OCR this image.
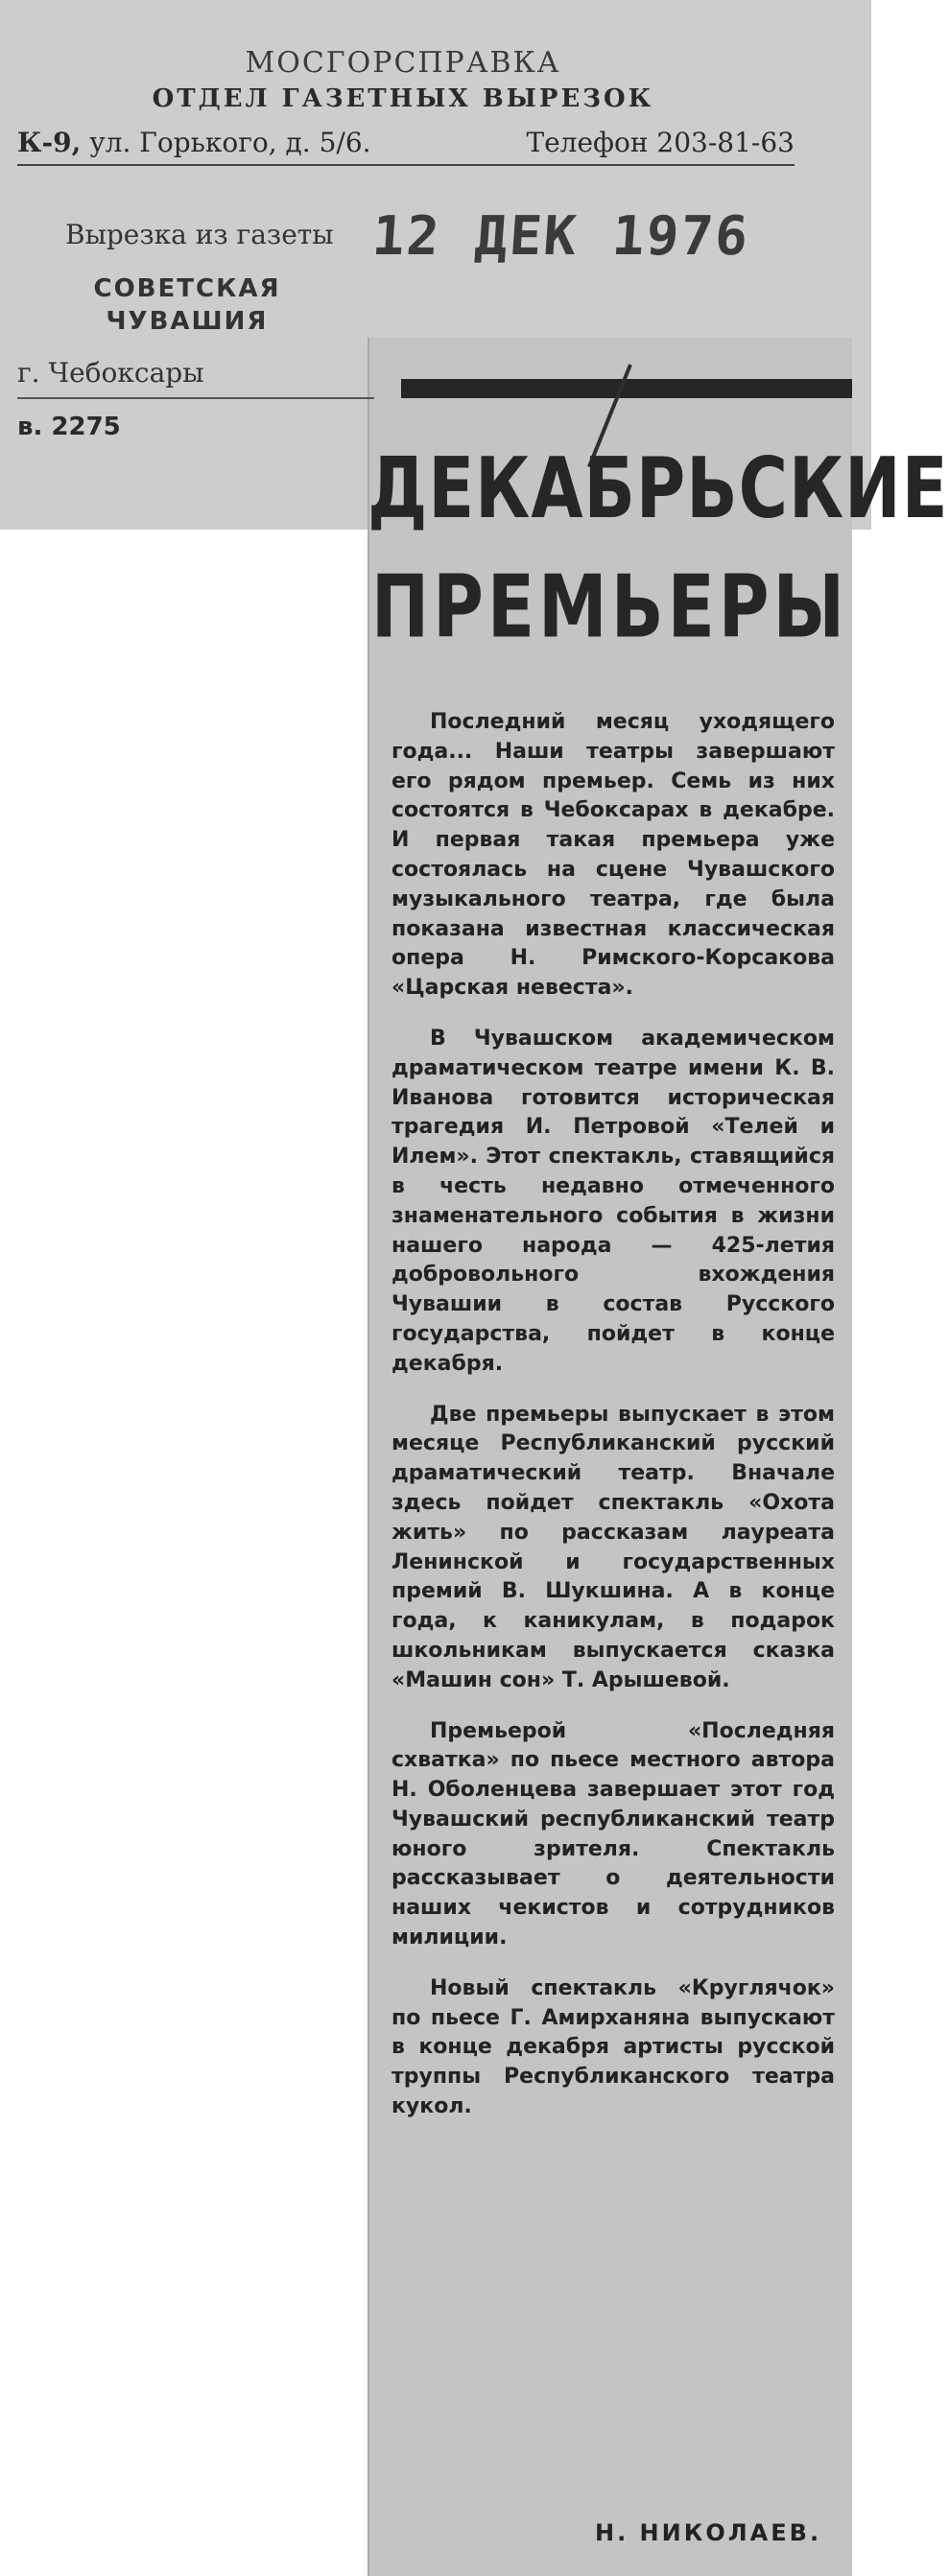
МОСГОРСПРАВКА
ОТДЕЛ ГАЗЕТНЫХ ВЫРЕЗОК
К-9, ул. Горького, д. 5/6.	Телефон 203-81-63
Вырезка из газеты 12 ДЕК 1976
СОВЕТСКАЯ
ЧУВАШИЯ
г. Чебоксары
в. 2275
ДЕКАБРЬСКИЕ
ПРЕМЬЕРЫ

Последний месяц уходящего года... Наши театры завершают его рядом премьер. Семь из них состоятся в Чебоксарах в декабре. И первая такая премьера уже состоялась на сцене Чувашского музыкального театра, где была показана известная классическая опера Н. Римского-Корсакова «Царская невеста».

В Чувашском академическом драматическом театре имени К. В. Иванова готовится историческая трагедия И. Петровой «Телей и Илем». Этот спектакль, ставящийся в честь недавно отмеченного знаменательного события в жизни нашего народа — 425-летия добровольного вхождения Чувашии в состав Русского государства, пойдет в конце декабря.

Две премьеры выпускает в этом месяце Республиканский русский драматический театр. Вначале здесь пойдет спектакль «Охота жить» по рассказам лауреата Ленинской и государственных премий В. Шукшина. А в конце года, к каникулам, в подарок школьникам выпускается сказка «Машин сон» Т. Арышевой.

Премьерой «Последняя схватка» по пьесе местного автора Н. Оболенцева завершает этот год Чувашский республиканский театр юного зрителя. Спектакль рассказывает о деятельности наших чекистов и сотрудников милиции.

Новый спектакль «Круглячок» по пьесе Г. Амирханяна выпускают в конце декабря артисты русской труппы Республиканского театра кукол.

Н. НИКОЛАЕВ.
